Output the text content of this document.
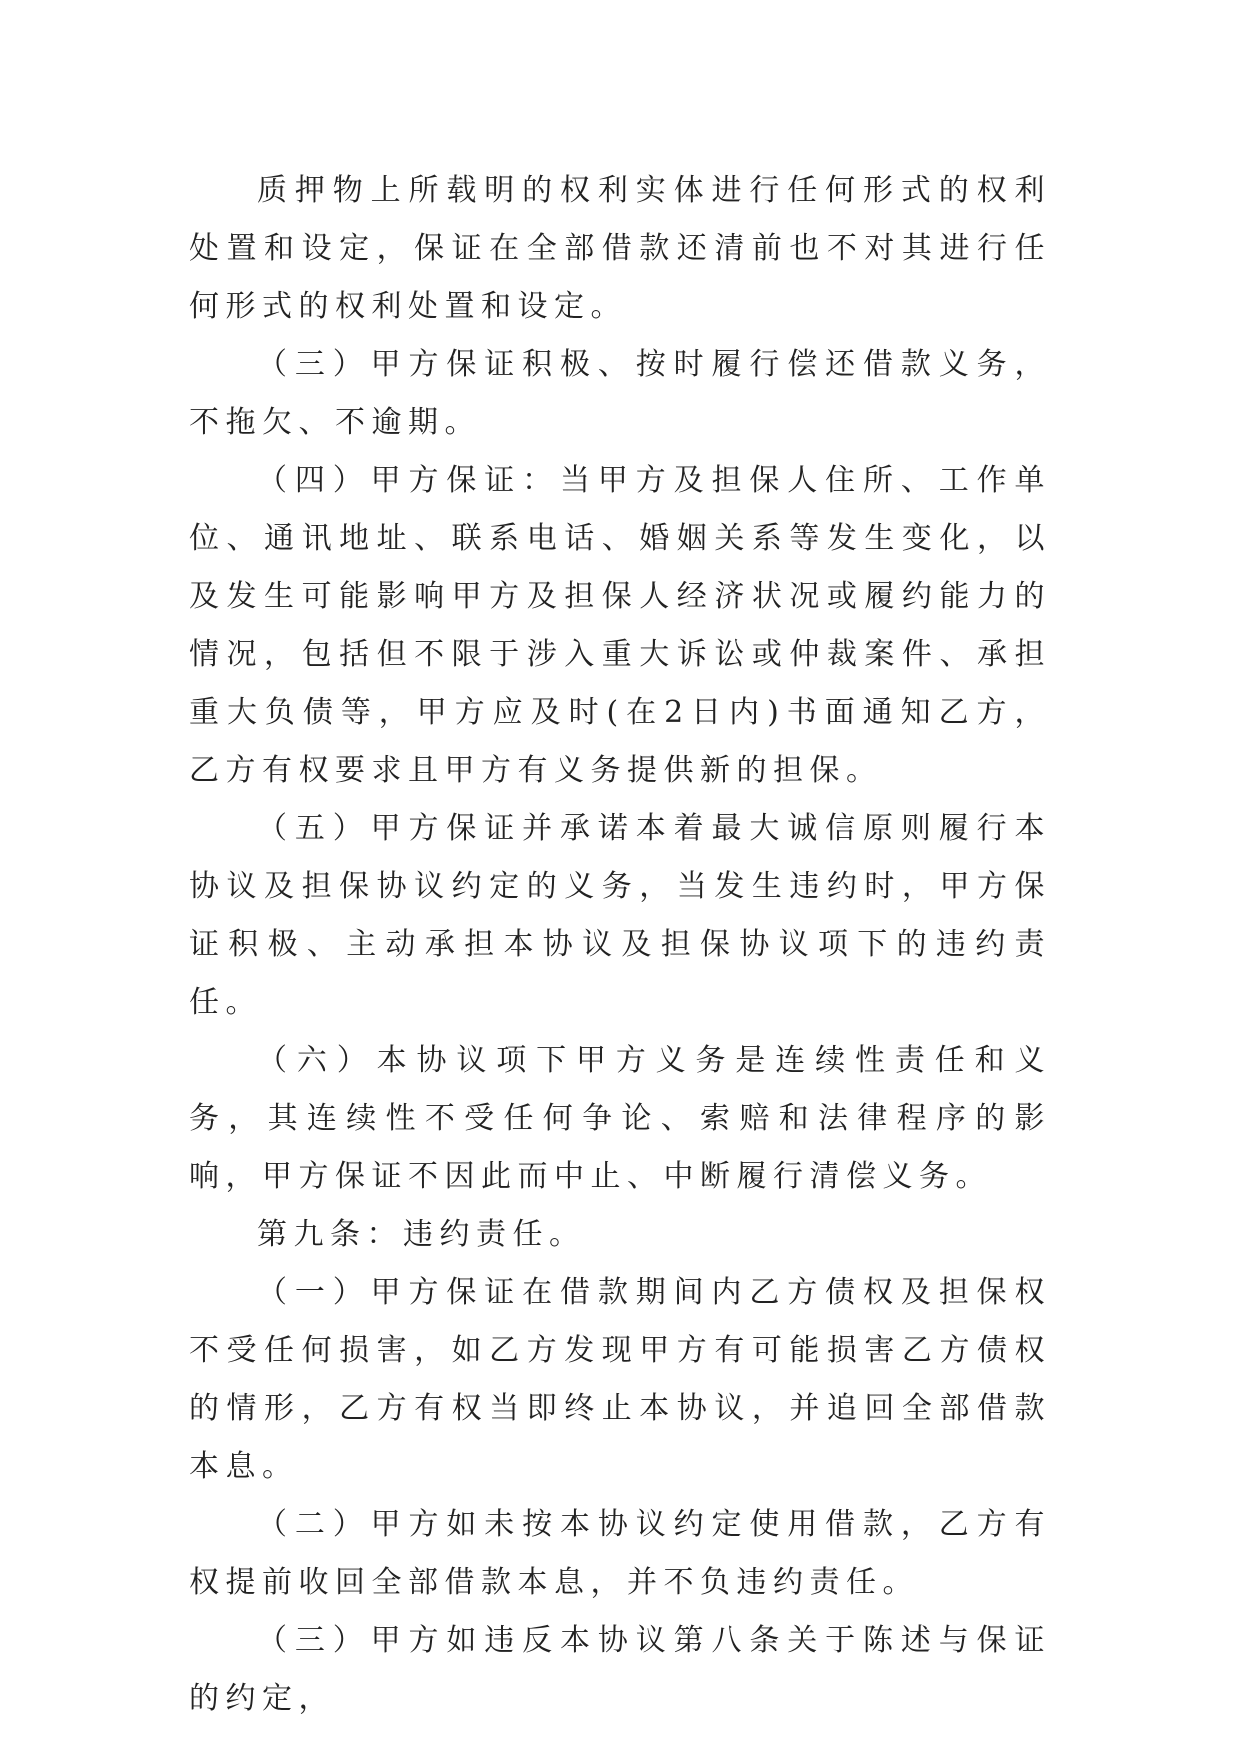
质押物上所载明的权利实体进行任何形式的权利处置和设定，保证在全部借款还清前也不对其进行任何形式的权利处置和设定。

（三）甲方保证积极、按时履行偿还借款义务，不拖欠、不逾期。

（四）甲方保证：当甲方及担保人住所、工作单位、通讯地址、联系电话、婚姻关系等发生变化，以及发生可能影响甲方及担保人经济状况或履约能力的情况，包括但不限于涉入重大诉讼或仲裁案件、承担重大负债等，甲方应及时(在2日内)书面通知乙方，乙方有权要求且甲方有义务提供新的担保。

（五）甲方保证并承诺本着最大诚信原则履行本协议及担保协议约定的义务，当发生违约时，甲方保证积极、主动承担本协议及担保协议项下的违约责任。

（六）本协议项下甲方义务是连续性责任和义务，其连续性不受任何争论、索赔和法律程序的影响，甲方保证不因此而中止、中断履行清偿义务。

第九条：违约责任。

（一）甲方保证在借款期间内乙方债权及担保权不受任何损害，如乙方发现甲方有可能损害乙方债权的情形，乙方有权当即终止本协议，并追回全部借款本息。

（二）甲方如未按本协议约定使用借款，乙方有权提前收回全部借款本息，并不负违约责任。

（三）甲方如违反本协议第八条关于陈述与保证的约定，
